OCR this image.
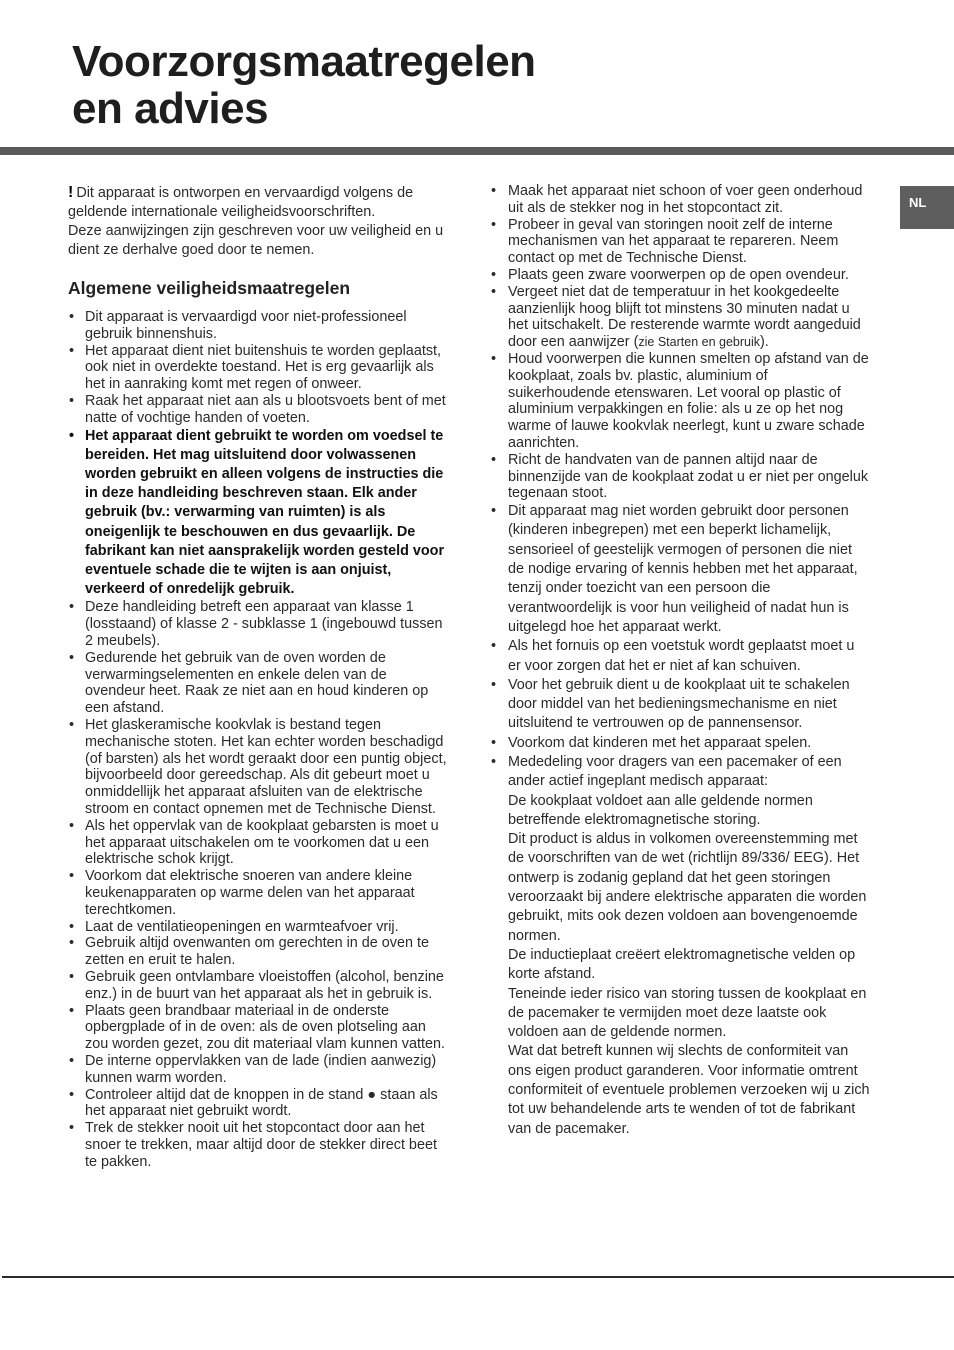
Voorzorgsmaatregelen
en advies
NL

! Dit apparaat is ontworpen en vervaardigd volgens de geldende internationale veiligheidsvoorschriften.

Deze aanwijzingen zijn geschreven voor uw veiligheid en u dient ze derhalve goed door te nemen.

Algemene veiligheidsmaatregelen
• Dit apparaat is vervaardigd voor niet-professioneel gebruik binnenshuis.
• Het apparaat dient niet buitenshuis te worden geplaatst, ook niet in overdekte toestand. Het is erg gevaarlijk als het in aanraking komt met regen of onweer.
• Raak het apparaat niet aan als u blootsvoets bent of met natte of vochtige handen of voeten.
• Het apparaat dient gebruikt te worden om voedsel te bereiden. Het mag uitsluitend door volwassenen worden gebruikt en alleen volgens de instructies die in deze handleiding beschreven staan. Elk ander gebruik (bv.: verwarming van ruimten) is als oneigenlijk te beschouwen en dus gevaarlijk. De fabrikant kan niet aansprakelijk worden gesteld voor eventuele schade die te wijten is aan onjuist, verkeerd of onredelijk gebruik.
• Deze handleiding betreft een apparaat van klasse 1 (losstaand) of klasse 2 - subklasse 1 (ingebouwd tussen 2 meubels).
• Gedurende het gebruik van de oven worden de verwarmingselementen en enkele delen van de ovendeur heet. Raak ze niet aan en houd kinderen op een afstand.
• Het glaskeramische kookvlak is bestand tegen mechanische stoten. Het kan echter worden beschadigd (of barsten) als het wordt geraakt door een puntig object, bijvoorbeeld door gereedschap. Als dit gebeurt moet u onmiddellijk het apparaat afsluiten van de elektrische stroom en contact opnemen met de Technische Dienst.
• Als het oppervlak van de kookplaat gebarsten is moet u het apparaat uitschakelen om te voorkomen dat u een elektrische schok krijgt.
• Voorkom dat elektrische snoeren van andere kleine keukenapparaten op warme delen van het apparaat terechtkomen.
• Laat de ventilatieopeningen en warmteafvoer vrij.
• Gebruik altijd ovenwanten om gerechten in de oven te zetten en eruit te halen.
• Gebruik geen ontvlambare vloeistoffen (alcohol, benzine enz.) in de buurt van het apparaat als het in gebruik is.
• Plaats geen brandbaar materiaal in de onderste opbergplade of in de oven: als de oven plotseling aan zou worden gezet, zou dit materiaal vlam kunnen vatten.
• De interne oppervlakken van de lade (indien aanwezig) kunnen warm worden.
• Controleer altijd dat de knoppen in de stand ● staan als het apparaat niet gebruikt wordt.
• Trek de stekker nooit uit het stopcontact door aan het snoer te trekken, maar altijd door de stekker direct beet te pakken.
• Maak het apparaat niet schoon of voer geen onderhoud uit als de stekker nog in het stopcontact zit.
• Probeer in geval van storingen nooit zelf de interne mechanismen van het apparaat te repareren. Neem contact op met de Technische Dienst.
• Plaats geen zware voorwerpen op de open ovendeur.
• Vergeet niet dat de temperatuur in het kookgedeelte aanzienlijk hoog blijft tot minstens 30 minuten nadat u het uitschakelt. De resterende warmte wordt aangeduid door een aanwijzer (zie Starten en gebruik).
• Houd voorwerpen die kunnen smelten op afstand van de kookplaat, zoals bv. plastic, aluminium of suikerhoudende etenswaren. Let vooral op plastic of aluminium verpakkingen en folie: als u ze op het nog warme of lauwe kookvlak neerlegt, kunt u zware schade aanrichten.
• Richt de handvaten van de pannen altijd naar de binnenzijde van de kookplaat zodat u er niet per ongeluk tegenaan stoot.
• Dit apparaat mag niet worden gebruikt door personen (kinderen inbegrepen) met een beperkt lichamelijk, sensorieel of geestelijk vermogen of personen die niet de nodige ervaring of kennis hebben met het apparaat, tenzij onder toezicht van een persoon die verantwoordelijk is voor hun veiligheid of nadat hun is uitgelegd hoe het apparaat werkt.
• Als het fornuis op een voetstuk wordt geplaatst moet u er voor zorgen dat het er niet af kan schuiven.
• Voor het gebruik dient u de kookplaat uit te schakelen door middel van het bedieningsmechanisme en niet uitsluitend te vertrouwen op de pannensensor.
• Voorkom dat kinderen met het apparaat spelen.
• Mededeling voor dragers van een pacemaker of een ander actief ingeplant medisch apparaat:
De kookplaat voldoet aan alle geldende normen betreffende elektromagnetische storing.
Dit product is aldus in volkomen overeenstemming met de voorschriften van de wet (richtlijn 89/336/ EEG). Het ontwerp is zodanig gepland dat het geen storingen veroorzaakt bij andere elektrische apparaten die worden gebruikt, mits ook dezen voldoen aan bovengenoemde normen.
De inductieplaat creëert elektromagnetische velden op korte afstand.
Teneinde ieder risico van storing tussen de kookplaat en de pacemaker te vermijden moet deze laatste ook voldoen aan de geldende normen.
Wat dat betreft kunnen wij slechts de conformiteit van ons eigen product garanderen. Voor informatie omtrent conformiteit of eventuele problemen verzoeken wij u zich tot uw behandelende arts te wenden of tot de fabrikant van de pacemaker.
